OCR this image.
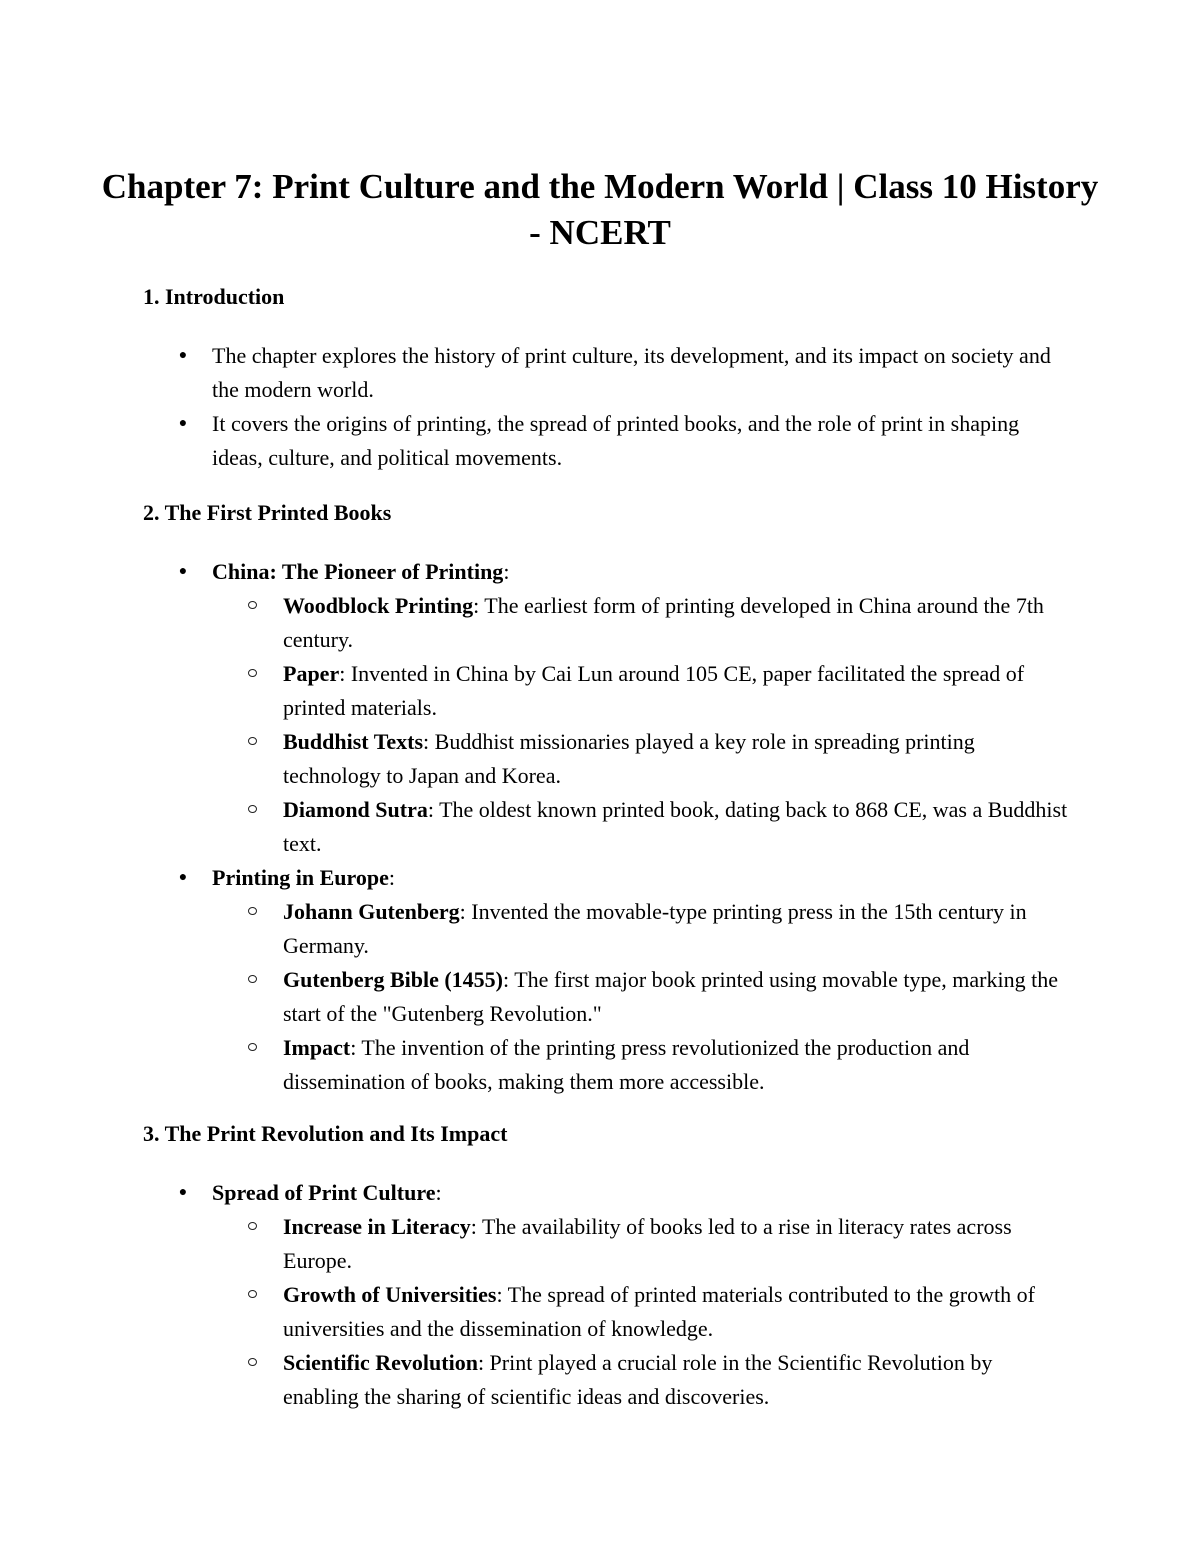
Chapter 7: Print Culture and the Modern World | Class 10 History - NCERT
1. Introduction
● The chapter explores the history of print culture, its development, and its impact on society and the modern world.
● It covers the origins of printing, the spread of printed books, and the role of print in shaping ideas, culture, and political movements.
2. The First Printed Books
● China: The Pioneer of Printing:
Woodblock Printing: The earliest form of printing developed in China around the 7th century.
Paper: Invented in China by Cai Lun around 105 CE, paper facilitated the spread of printed materials.
Buddhist Texts: Buddhist missionaries played a key role in spreading printing technology to Japan and Korea.
Diamond Sutra: The oldest known printed book, dating back to 868 CE, was a Buddhist text.
● Printing in Europe:
Johann Gutenberg: Invented the movable-type printing press in the 15th century in Germany.
Gutenberg Bible (1455): The first major book printed using movable type, marking the start of the "Gutenberg Revolution."
Impact: The invention of the printing press revolutionized the production and dissemination of books, making them more accessible.
3. The Print Revolution and Its Impact
● Spread of Print Culture:
Increase in Literacy: The availability of books led to a rise in literacy rates across Europe.
Growth of Universities: The spread of printed materials contributed to the growth of universities and the dissemination of knowledge.
Scientific Revolution: Print played a crucial role in the Scientific Revolution by enabling the sharing of scientific ideas and discoveries.
